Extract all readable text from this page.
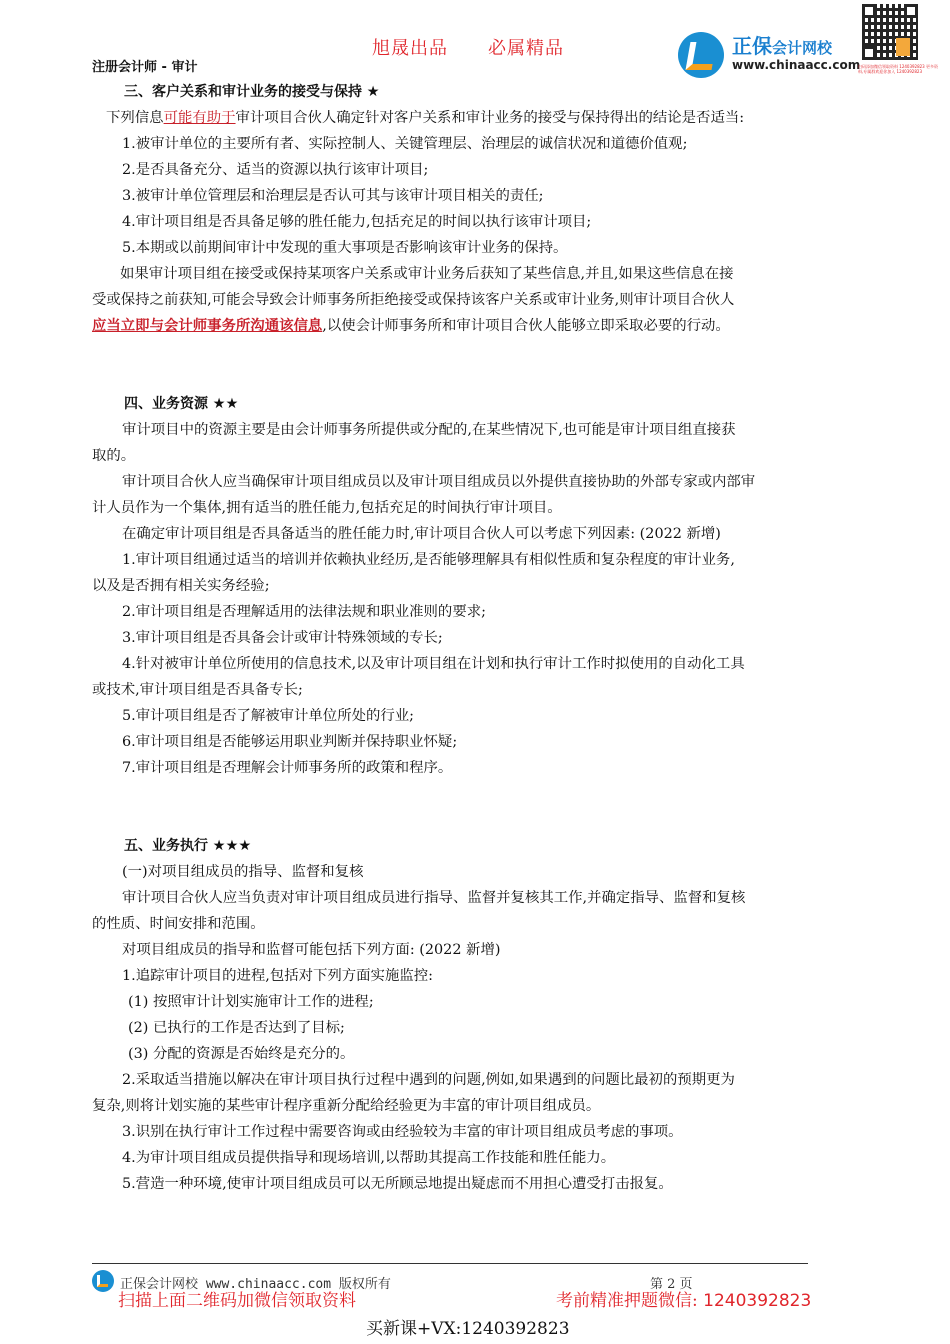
旭晟出品 必属精品
注册会计师 - 审计
正保会计网校
www.chinaacc.com
扫码添加微信领取资料 1240392823 更多资料,专属群欢迎你加入 1240392823
三、客户关系和审计业务的接受与保持 ★
下列信息可能有助于审计项目合伙人确定针对客户关系和审计业务的接受与保持得出的结论是否适当:
1.被审计单位的主要所有者、实际控制人、关键管理层、治理层的诚信状况和道德价值观;
2.是否具备充分、适当的资源以执行该审计项目;
3.被审计单位管理层和治理层是否认可其与该审计项目相关的责任;
4.审计项目组是否具备足够的胜任能力,包括充足的时间以执行该审计项目;
5.本期或以前期间审计中发现的重大事项是否影响该审计业务的保持。
如果审计项目组在接受或保持某项客户关系或审计业务后获知了某些信息,并且,如果这些信息在接
受或保持之前获知,可能会导致会计师事务所拒绝接受或保持该客户关系或审计业务,则审计项目合伙人
应当立即与会计师事务所沟通该信息,以使会计师事务所和审计项目合伙人能够立即采取必要的行动。
四、业务资源 ★★
审计项目中的资源主要是由会计师事务所提供或分配的,在某些情况下,也可能是审计项目组直接获
取的。
审计项目合伙人应当确保审计项目组成员以及审计项目组成员以外提供直接协助的外部专家或内部审
计人员作为一个集体,拥有适当的胜任能力,包括充足的时间执行审计项目。
在确定审计项目组是否具备适当的胜任能力时,审计项目合伙人可以考虑下列因素: (2022 新增)
1.审计项目组通过适当的培训并依赖执业经历,是否能够理解具有相似性质和复杂程度的审计业务,
以及是否拥有相关实务经验;
2.审计项目组是否理解适用的法律法规和职业准则的要求;
3.审计项目组是否具备会计或审计特殊领域的专长;
4.针对被审计单位所使用的信息技术,以及审计项目组在计划和执行审计工作时拟使用的自动化工具
或技术,审计项目组是否具备专长;
5.审计项目组是否了解被审计单位所处的行业;
6.审计项目组是否能够运用职业判断并保持职业怀疑;
7.审计项目组是否理解会计师事务所的政策和程序。
五、业务执行 ★★★
(一)对项目组成员的指导、监督和复核
审计项目合伙人应当负责对审计项目组成员进行指导、监督并复核其工作,并确定指导、监督和复核
的性质、时间安排和范围。
对项目组成员的指导和监督可能包括下列方面: (2022 新增)
1.追踪审计项目的进程,包括对下列方面实施监控:
(1) 按照审计计划实施审计工作的进程;
(2) 已执行的工作是否达到了目标;
(3) 分配的资源是否始终是充分的。
2.采取适当措施以解决在审计项目执行过程中遇到的问题,例如,如果遇到的问题比最初的预期更为
复杂,则将计划实施的某些审计程序重新分配给经验更为丰富的审计项目组成员。
3.识别在执行审计工作过程中需要咨询或由经验较为丰富的审计项目组成员考虑的事项。
4.为审计项目组成员提供指导和现场培训,以帮助其提高工作技能和胜任能力。
5.营造一种环境,使审计项目组成员可以无所顾忌地提出疑虑而不用担心遭受打击报复。
正保会计网校 www.chinaacc.com 版权所有	第 2 页
扫描上面二维码加微信领取资料	考前精准押题微信: 1240392823
买新课+VX:1240392823
